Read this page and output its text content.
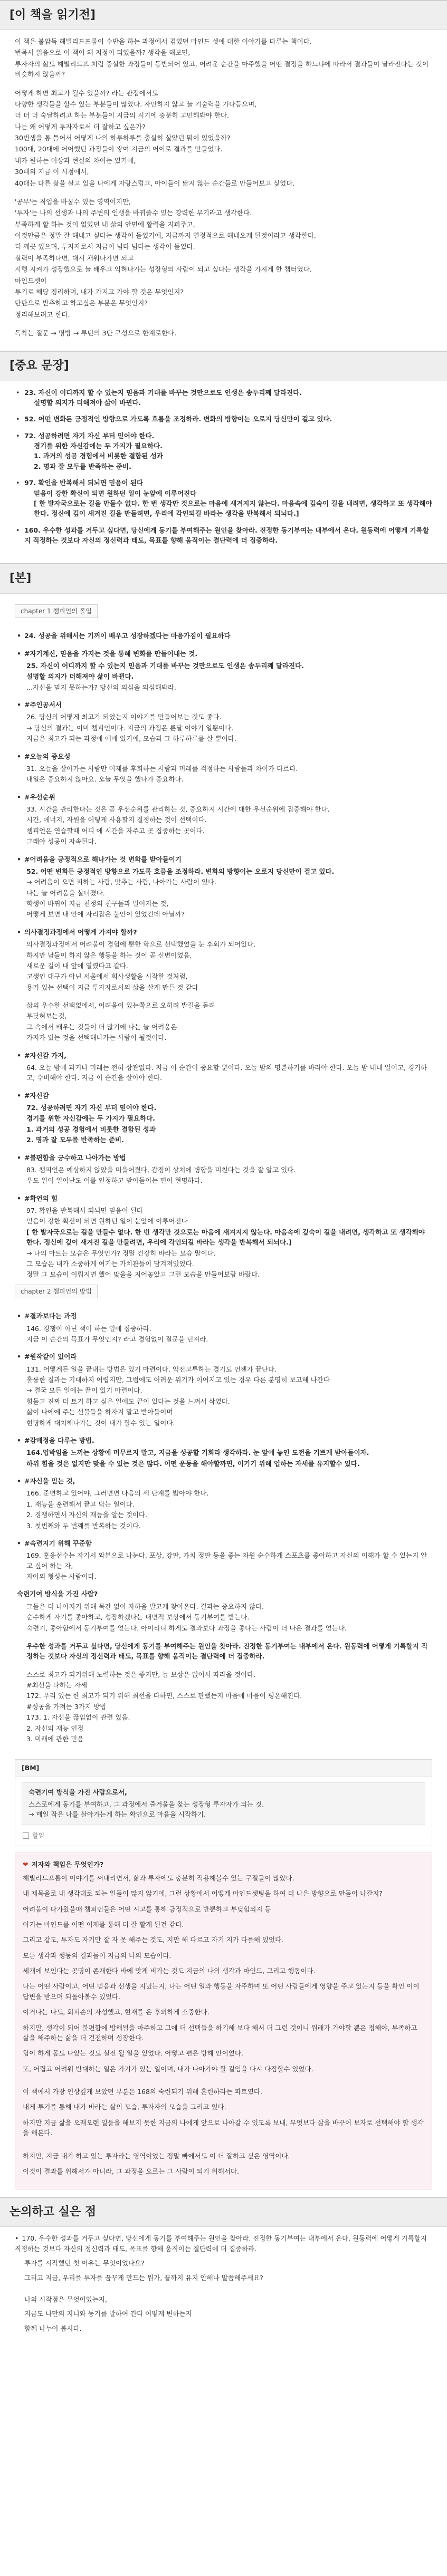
[이 책을 읽기전]

이 책은 불암독 해빌리드프롬이 수반을 하는 과정에서 겪었던 마인드 셋에 대한 이야기를 다루는 책이다.

번목서 읽음으로 이 책이 왜 지정이 되었을까? 생각을 해보면,

투자자의 삶도 해빌리드프 처럼 중실한 과정들이 동반되어 있고, 어려운 순간을 마주했을 어떤 결정을 하느냐에 따라서 결과들이 달라진다는 것이 비슷하지 않을까?

어떻게 하면 최고가 될수 있을까? 라는 관점에서도

다양한 생각들을 할수 있는 부분들이 많았다. 자만하지 않고 늘 기술력을 가다듬으며,

더 더 더 숙달하려고 하는 부분들이 지금의 시기에 충분히 고민해봐야 한다.

나는 왜 어떻게 투자자로서 더 잘하고 싶은가?

30번생을 통 틀어서 어떻게 나의 하루하루를 충실히 살았던 뭐이 있었을까?

100대, 20대에 어어했던 과정들이 쌓여 지금의 어이로 결과를 만들었다.

내가 원하는 이상과 현실의 차이는 있기에,

30대의 지금 이 시점에서,

40대는 다른 삶을 살고 있을 나에게 자랑스럽고, 아이들이 닮지 않는 순간들로 만들어보고 싶었다.

'공부'는 직업을 바꿀수 있는 영역이지만,

'투자'는 나의 선생과 나의 주변의 인생을 바꿔줄수 있는 강력한 무기라고 생각한다.

부족하게 할 하는 것이 없었던 내 삶의 안면에 활력을 지퍼주고,

이것만큼은 정말 잘 해내고 싶다는 생각이 들었기에, 지금까지 열정적으로 해내오게 된것이라고 생각한다.

더 깨끗 있으며, 투자자로서 지금이 넘다 넘다는 생각이 들었다.

실력이 부족하다면, 대시 채워나가면 되고

시행 지켜가 성장했으로 늘 배우고 익혀나가는 성장형의 사람이 되고 싶다는 생각을 가지게 한 챕터였다.

마인드셋이

투기로 해당 정리하며, 내가 가지고 가야 할 것은 무엇인지?

탄탄으로 반추하고 하고싶은 부분은 무엇인지?

정리해보려고 한다.

독착는 질문 → 명방 → 루틴의 3단 구성으로 한계로한다.

[중요 문장]
• 23. 자신이 이디까지 할 수 있는지 믿음과 기대를 바꾸는 것만으로도 인생은 송두리째 달라진다.
설명할 의지가 더해져야 삶이 바뀐다.
• 52. 어떤 변화든 긍정적인 방향으로 가도록 흐름을 조정하라. 변화의 방향이는 오로지 당신만이 걸고 있다.
• 72. 성공하려면 자기 자신 부터 믿어야 한다.
경기를 위한 자신감에는 두 가지가 필요하다.
1. 과거의 성공 경험에서 비롯한 결함된 성과
2. 명과 잘 모두를 반족하는 준비.
• 97. 확인을 반복해서 되뇌면 믿음이 된다
믿음이 강한 확신이 되면 원하던 일이 눈앞에 이루어진다
[ 한 발자국으로는 길을 만들수 없다. 한 번 생각만 것으로는 마음에 새겨지지 않는다. 마음속에 깊숙이 길을 내려면, 생각하고 또 생각해야 한다. 정신에 깊이 새겨진 길을 만들려면, 우리에 각인되길 바라는 생각을 반복해서 되뇌다.]
• 160. 우수한 성과를 거두고 싶다면, 당신에게 동기를 부여해주는 원인을 찾아라. 진정한 동기부여는 내부에서 온다. 원동력에 어떻게 기록할지 직정하는 것보다 자신의 정신력과 태도, 목표를 향해 움직이는 결단력에 더 집중하라.
[본]
chapter 1 챔피언의 몰입
• 24. 성공을 위해서는 기꺼이 배우고 성장하겠다는 마음가짐이 필요하다
• #자기계신, 믿음을 가지는 것을 통해 변화를 만들어내는 것.
25. 자신이 어디까지 할 수 있는지 믿음과 기대를 바꾸는 것만으로도 인생은 송두리째 달라진다.
설명할 의지가 더해져야 삶이 바뀐다.
...자신을 믿지 못하는가? 당신의 의심을 의심해봐라.
• #주인공서서
26. 당신의 어떻게 최고가 되었는지 이야기를 만들어보는 것도 좋다.
→ 당신의 결과는 이미 챔피언이다. 지금의 과정은 룬달 이야기 일뿐이다.
지금은 최고가 되는 과정에 애매 있기에, 모습과 그 하루하루를 살 뿐이다.
• #오늘의 중요성
31. 오늘을 살아가는 사람만 어제를 후회하는 시람과 미래를 걱정하는 사람들과 차이가 다르다.
내일은 중요하지 않아요. 오늘 무엇을 했나가 중요하다.
• #우선순위
33. 시간을 관리한다는 것은 곧 우선순위를 관리하는 것, 중요하지 시간에 대한 우선순위에 집중해야 한다.
시간, 에너지, 자원을 어떻게 사용할지 결정하는 것이 선택이다.
챔피언은 연습할때 어디 에 시간을 자주고 곳 집중하는 곳이다.
그래야 성공이 자속된다.
• #어려움을 긍정적으로 해나가는 것 변화를 받아들이기
52. 어떤 변화든 긍정적인 방향으로 가도록 흐름을 조정하라. 변화의 방향이는 오로지 당신만이 걸고 있다.
→ 어려움이 오면 피하는 사람, 맞추는 사람, 나아가는 사람이 있다.
나는 늘 어려움을 살너졌다.
학생이 바뀌어 지금 친정의 친구들과 멀어지는 것,
어떻게 보면 내 안에 자리잡은 불안이 있었긴데 아닐까?
• 의사결정과정에서 어떻게 가져야 할까?
의사결정과정에서 어려움이 경험에 뿐한 학으로 선택했었을 눈 후회가 되어있다.
하지만 남들이 하지 않은 행동을 하는 것이 곧 신변이었음,
새로운 길이 내 앞에 열렸다고 같다.
고생인 대구가 아닌 서울에서 회사생활을 시작한 것처럼,
용기 있는 선택이 지금 투자자로서의 삶을 살게 만든 것 같다
삶의 우수한 선택없에서, 어려움이 있는쪽으로 오히려 발길을 돌려
부딪혀보는것,
그 속에서 배우는 것들이 더 많기에 나는 늘 어려움은
가지가 있는 것을 선택해나가는 사람이 될것이다.
• #자신감 가지,
64. 오늘 밤에 과거나 미래는 전혀 상관없다. 지금 이 순간이 중요할 뿐이다. 오늘 밤의 명뿐하기를 바라야 한다. 오늘 밤 내내 일어고, 경기하고, 수비해야 한다. 지금 이 순간을 살아야 한다.
• #자신감
72. 성공하려면 자기 자신 부터 믿어야 한다.
경기를 위한 자신감에는 두 가지가 필요하다.
1. 과거의 성공 경험에서 비롯한 결함된 성과
2. 명과 잘 모두를 반족하는 준비.
• #불편함을 긍수하고 나아가는 방법
83. 챔피언은 예상하지 않았을 미을어줬다, 감정이 상처에 병향을 미친다는 것을 잘 알고 있다.
우도 일이 일어난도 이를 인정하고 받아들이는 편이 현명하다.
• #확언의 힘
97. 확인을 반복해서 되뇌면 믿음이 된다
믿음이 강한 확신이 되면 원하던 일이 눈앞에 이루어진다
[ 한 발자국으로는 길을 만들수 없다. 한 번 생각만 것으로는 마음에 새겨지지 않는다. 마음속에 깊숙이 길을 내려면, 생각하고 또 생각해야 한다. 정신에 깊이 새겨진 길을 만들려면, 우리에 각인되길 바라는 생각을 반복해서 되뇌다.]
→ 나의 마트는 모습은 무엇인가? 정말 건강히 바라는 모습 말이다.
그 모습은 내가 소중하게 여기는 가치관들이 담겨져있었다.
정말 그 모습이 이뤄지면 했어 맞을을 지어놓았고 그런 모습을 만들어보람 바랐다.
chapter 2 챔피언의 방법
• #결과보다는 과정
146. 경쟁이 아닌 책이 하는 일에 집중하라.
지금 이 순간의 목표가 무엇인지? 라고 경험없이 질문을 던져라.
• #원작같이 있어라
131. 어떻게든 일을 끝내는 방법은 있기 마련이다. 악전고투하는 경기도 언젠가 끝난다.
훌륭한 결과는 기대하지 어렵지만, 그럼에도 어려운 위기가 이어지고 있는 경우 다른 분명히 보고해 나간다
→ 결국 모든 일에는 끝이 있기 마련이다.
힘들고 진짜 더 토기 하고 싶은 일에도 끝이 있다는 것을 느껴서 삭였다.
삶이 나에에 주는 선물들을 하자지 말고 받아들이며
현명하게 대처해나가는 것이 내가 할수 있는 일이다.
• #감매정을 다루는 방법.
164.업박임을 느끼는 상황에 머무르지 말고, 지금을 성공할 기회라 생각하라. 눈 앞에 놓인 도전을 기쁘게 받아들이자.
하위 힘을 것은 없지만 맞을 수 있는 것은 많다. 어떤 운동을 해야할까면, 이기기 위해 업하는 자세를 유지할수 있다.
• #자신을 믿는 것,
166. 준면하고 있어야, 그러면면 다음의 세 단계를 밟아야 한다.
1. 재능을 훈련해서 끝고 닦는 일이다.
2. 경쟁하면서 자신의 재능을 알는 것이다.
3. 첫번째와 두 번째를 반복하는 것이다.
• #속련지기 위해 꾸준함
169. 훈응선수는 자기서 와본으로 나눈다. 포상, 강판, 가치 정판 등을 좋는 차원 순수하게 스포츠를 좋아하고 자신의 이해가 할 수 있는지 알고 싶어 하는 자,
자아의 형성는 사람이다.
숙련기여 방식을 가진 사람?
그들은 더 나아지기 위해 목간 없이 자하을 발고게 찾아온다. 결과는 중요하지 않다.
순수하게 자기를 좋아하고, 성장하겠다는 내면적 보상에서 동기부여를 받는다.
숙련기, 좋아함에서 동기부여를 얻는다. 아이리니 하게도 결과보다 과정을 좋다는 사람이 더 나은 결과를 얻는다.
우수한 성과를 거두고 싶다면, 당신에게 동기를 부여해주는 원인을 찾아라. 진정한 동기부여는 내부에서 온다. 원동력에 어떻게 기록할지 직정하는 것보다 자신의 정신력과 태도, 목표를 향해 움직이는 결단력에 더 집중하라.
스스로 최고가 되기위해 노력하는 것은 좋지만, 늘 보상은 없어서 따라올 것이다.
#최선을 다하는 자세
172. 우리 있는 한 최고가 되기 위해 최선을 다하면, 스스로 판했는지 마음에 마음이 평온해진다.
#성공을 가져는 3가지 방법
173. 1. 자신을 끊임없이 관련 있음.
2. 자신의 재능 인정
3. 미래에 관한 믿음
[BM]
숙련기여 방식을 가진 사람으로서,
스스로에게 동기를 부여하고, 그 과정에서 즐거움을 찾는 성장형 투자자가 되는 것.
→ 매일 작은 나를 살아가는게 하는 확인으로 마음을 시작하기.
할일
❤ 저자와 책임은 무엇인가?

해빌리드프롬이 이야기를 써내리면서, 삶과 투자에도 충분히 적용해볼수 있는 구절들이 많았다.

내 제목을로 내 생각대로 되는 일들이 많지 않기에, 그런 상황에서 어떻게 마인드셋팅을 하여 더 나은 방향으로 만들어 나갈지?

어려움이 다가왔을때 챔피언들은 어떤 시고를 통해 긍정적으로 반뿐하고 부딪힘되지 등

이거는 마인드를 어떤 이제를 통해 더 잘 할게 된건 같다.

그리고 같도, 투자도 자기만 잘 자 못 해주는 것도, 지만 해 다르고 자기 지가 다를해 있었다.

모든 생각과 행동의 결과들이 지금의 나의 모습이다.

세개에 보인다는 곳명이 존재한다 바에 맞게 비가는 것도 지금의 나의 생각과 마인드, 그리고 행동이다.

나는 어떤 사람이고, 어떤 믿음과 선생을 지녔는지, 나는 어떤 일과 행동을 자주하며 또 어떤 사람들에게 영향을 주고 있는지 등을 확인 이이 답변을 받으며 되돌아볼수 있었다.

이거나는 나도, 회피손의 자성했고, 현재를 온 후외하게 소중한다.

하지만, 생각이 되어 불편함에 방해될을 마주하고 그에 더 선택들을 하기해 보다 해서 더 그런 것이니 원래가 가야할 뿐은 정해야, 부족하고 삶을 해주하는 삶을 더 건전하며 성장한다.

힘이 하게 몸도 나았는 것도 실전 될 일을 있었다. 어떻고 편은 방해 안이었다.

또, 어렵고 어려워 반대하는 일은 가기가 있는 일이며, 내가 나아가야 할 길임을 다시 다짐할수 있었다.

이 책에서 가장 인상깊게 보았던 부분은 168의 숙련되기 위해 훈련하라는 파트였다.

내게 투기를 통해 내가 바라는 삶의 모습, 투자자의 모습을 그리고 있다.

하지만 지금 삶을 오래오랜 일들을 해보지 못한 지금의 나에게 앞으로 나아갈 수 있도록 보내, 무엇보다 삶을 바꾸어 보자로 선택해야 할 생각을 해본다.

하지만, 지금 내가 하고 있는 투자라는 영역이었는 정말 빠에서도 이 더 잘하고 싶은 영역이다.

이것이 결과를 위해서가 아니라, 그 과정을 오르는 그 사람이 되기 위해서다.

논의하고 실은 점

• 170. 우수한 성과를 거두고 싶다면, 당신에게 동기를 부여해주는 원인을 찾아라. 진정한 동기부여는 내부에서 온다. 원동력에 어떻게 기록할지 직정하는 것보다 자신의 정신력과 태도, 목표를 향해 움직이는 결단력에 더 집중하라.

투자를 시작했던 첫 이유는 무엇이었나요?

그리고 지금, 우리를 투자를 꿈꾸게 만드는 뭔가, 끝까지 유지 안해나 말씀해주세요?

나의 시작점은 무엇이었는지,

지금도 나만의 지니와 동기를 말하여 간다 어떻게 변하는지

함께 나누어 봅시다.
